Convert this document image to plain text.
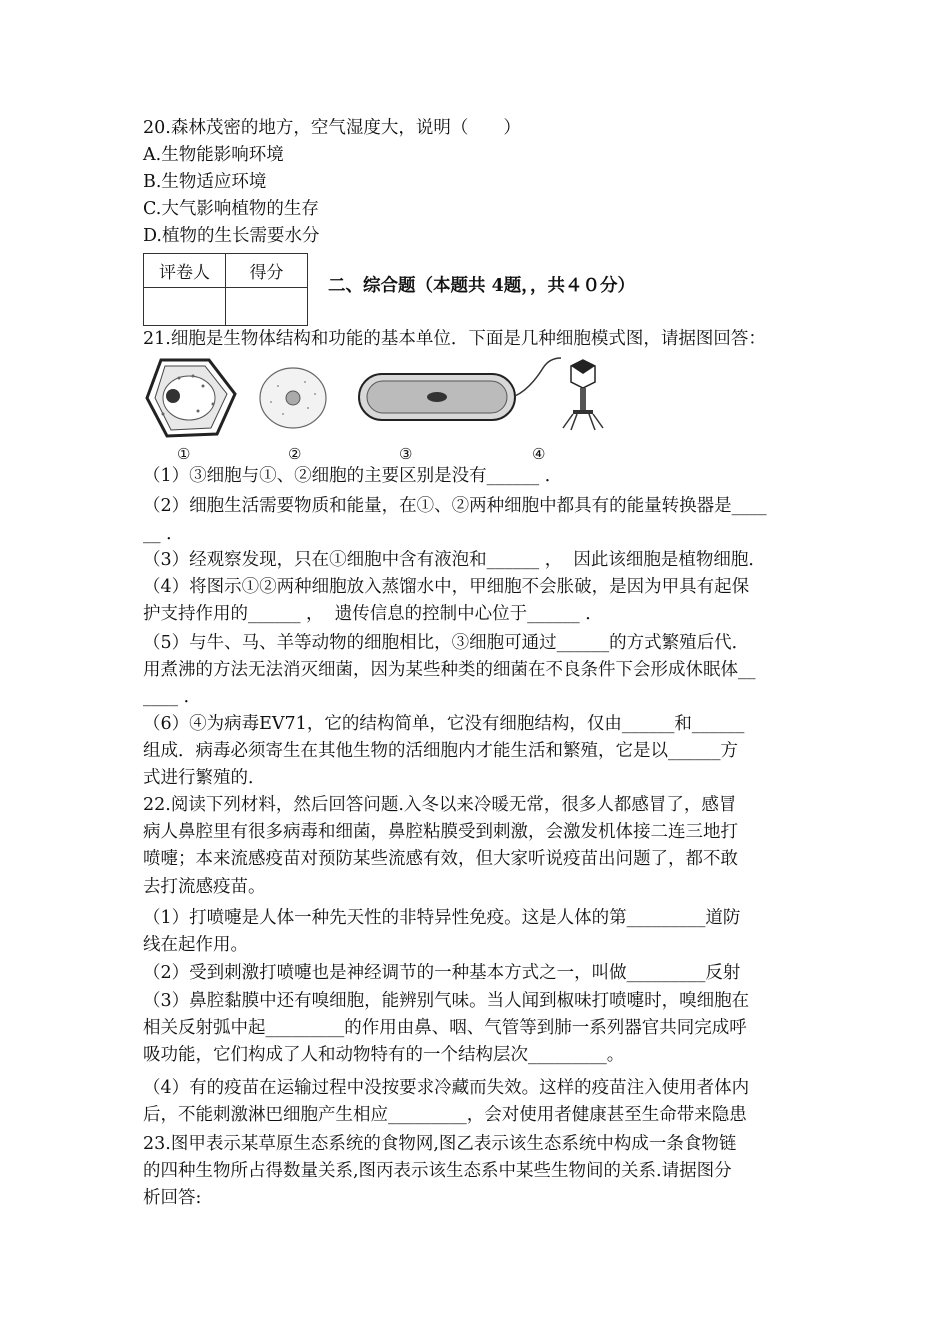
20.森林茂密的地方，空气湿度大，说明（　　）
A.生物能影响环境
B.生物适应环境
C.大气影响植物的生存
D.植物的生长需要水分
评卷人	得分

二、综合题（本题共 4题，，共４０分）
21.细胞是生物体结构和功能的基本单位．下面是几种细胞模式图，请据图回答：
①	②	③	④
（1）③细胞与①、②细胞的主要区别是没有______ ．
（2）细胞生活需要物质和能量，在①、②两种细胞中都具有的能量转换器是____
__ ．
（3）经观察发现，只在①细胞中含有液泡和______ ，  因此该细胞是植物细胞．
（4）将图示①②两种细胞放入蒸馏水中，甲细胞不会胀破，是因为甲具有起保
护支持作用的______ ，  遗传信息的控制中心位于______ ．
（5）与牛、马、羊等动物的细胞相比，③细胞可通过______的方式繁殖后代．
用煮沸的方法无法消灭细菌，因为某些种类的细菌在不良条件下会形成休眠体__
____ ．
（6）④为病毒EV71，它的结构简单，它没有细胞结构，仅由______和______
组成．病毒必须寄生在其他生物的活细胞内才能生活和繁殖，它是以______方
式进行繁殖的．
22.阅读下列材料，然后回答问题.入冬以来冷暖无常，很多人都感冒了，感冒
病人鼻腔里有很多病毒和细菌，鼻腔粘膜受到刺激，会激发机体接二连三地打
喷嚏；本来流感疫苗对预防某些流感有效，但大家听说疫苗出问题了，都不敢
去打流感疫苗。
（1）打喷嚏是人体一种先天性的非特异性免疫。这是人体的第_________道防
线在起作用。
（2）受到刺激打喷嚏也是神经调节的一种基本方式之一，叫做_________反射
（3）鼻腔黏膜中还有嗅细胞，能辨别气味。当人闻到椒味打喷嚏时，嗅细胞在
相关反射弧中起_________的作用由鼻、咽、气管等到肺一系列器官共同完成呼
吸功能，它们构成了人和动物特有的一个结构层次_________。
（4）有的疫苗在运输过程中没按要求冷藏而失效。这样的疫苗注入使用者体内
后，不能刺激淋巴细胞产生相应_________，会对使用者健康甚至生命带来隐患
23.图甲表示某草原生态系统的食物网,图乙表示该生态系统中构成一条食物链
的四种生物所占得数量关系,图丙表示该生态系中某些生物间的关系.请据图分
析回答:
